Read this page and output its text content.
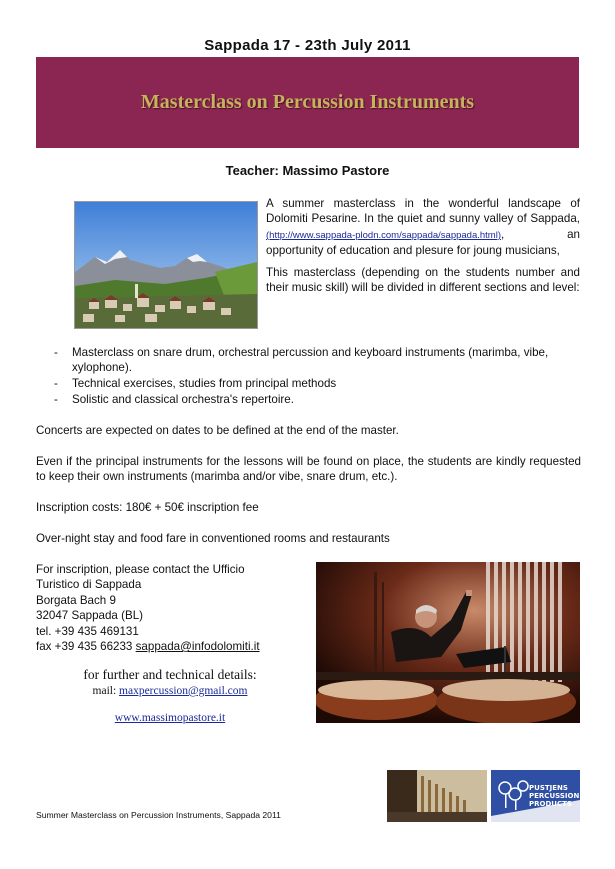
Sappada 17 - 23th July 2011
Masterclass on Percussion Instruments
Teacher: Massimo Pastore

A summer masterclass in the wonderful landscape of Dolomiti Pesarine. In the quiet and sunny valley of Sappada,(http://www.sappada-plodn.com/sappada/sappada.html), an opportunity of education and plesure for joung musicians,

This masterclass (depending on the students number and their music skill) will be divided in different sections and level:

- Masterclass on snare drum, orchestral percussion and keyboard instruments (marimba, vibe, xylophone).
- Technical exercises, studies from principal methods
- Solistic and classical orchestra's repertoire.
Concerts are expected on dates to be defined at the end of the master.
Even if the principal instruments for the lessons will be found on place, the students are kindly requested to keep their own instruments (marimba and/or vibe, snare drum, etc.).
Inscription costs: 180€ + 50€ inscription fee
Over-night stay and food fare in conventioned rooms and restaurants
For inscription, please contact the Ufficio Turistico di Sappada
Borgata Bach 9
32047 Sappada (BL)
tel. +39 435 469131
fax +39 435 66233 sappada@infodolomiti.it
for further and technical details:
mail: maxpercussion@gmail.com
www.massimopastore.it
Summer Masterclass on Percussion Instruments, Sappada 2011
PUSTJENS
PERCUSSION
PRODUCTS
